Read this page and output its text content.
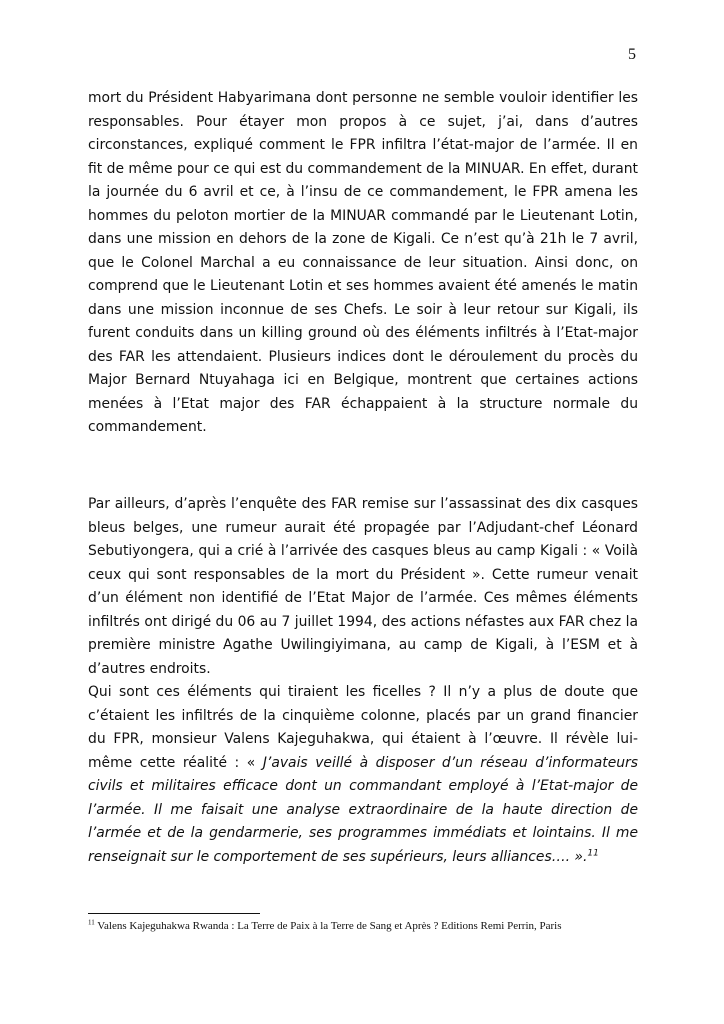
5

mort du Président Habyarimana dont personne ne semble vouloir identifier les responsables. Pour étayer mon propos à ce sujet, j’ai, dans d’autres circonstances, expliqué comment le FPR infiltra l’état-major de l’armée. Il en fit de même pour ce qui est du commandement de la MINUAR. En effet, durant la journée du 6 avril et ce, à l’insu de ce commandement, le FPR amena les hommes du peloton mortier de la MINUAR commandé par le Lieutenant Lotin, dans une mission en dehors de la zone de Kigali. Ce n’est qu’à 21h le 7 avril, que le Colonel Marchal a eu connaissance de leur situation. Ainsi donc, on comprend que le Lieutenant Lotin et ses hommes avaient été amenés le matin dans une mission inconnue de ses Chefs. Le soir à leur retour sur Kigali, ils furent conduits dans un killing ground où des éléments infiltrés à l’Etat-major des FAR les attendaient. Plusieurs indices dont le déroulement du procès du Major Bernard Ntuyahaga ici en Belgique, montrent que certaines actions menées à l’Etat major des FAR échappaient à la structure normale du commandement.

Par ailleurs, d’après l’enquête des FAR remise sur l’assassinat des dix casques bleus belges, une rumeur aurait été propagée par l’Adjudant-chef Léonard Sebutiyongera, qui a crié à l’arrivée des casques bleus au camp Kigali : « Voilà ceux qui sont responsables de la mort du Président ». Cette rumeur venait d’un élément non identifié de l’Etat Major de l’armée. Ces mêmes éléments infiltrés ont dirigé du 06 au 7 juillet 1994, des actions néfastes aux FAR chez la première ministre Agathe Uwilingiyimana, au camp de Kigali, à l’ESM et à d’autres endroits.

Qui sont ces éléments qui tiraient les ficelles ? Il n’y a plus de doute que c’étaient les infiltrés de la cinquième colonne, placés par un grand financier du FPR, monsieur Valens Kajeguhakwa, qui étaient à l’œuvre. Il révèle lui-même cette réalité : « J’avais veillé à disposer d’un réseau d’informateurs civils et militaires efficace dont un commandant employé à l’Etat-major de l’armée. Il me faisait une analyse extraordinaire de la haute direction de l’armée et de la gendarmerie, ses programmes immédiats et lointains. Il me renseignait sur le comportement de ses supérieurs, leurs alliances…. ».$^{11}$

$^{11}$ Valens Kajeguhakwa Rwanda : La Terre de Paix à la Terre de Sang et Après ? Editions Remi Perrin, Paris
